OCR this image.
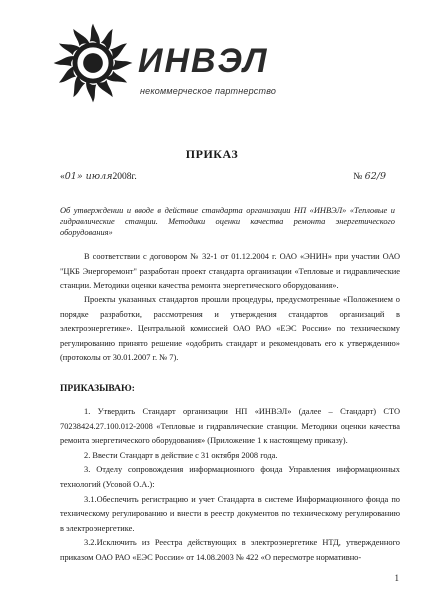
ИНВЭЛ
некоммерческое партнерство
ПРИКАЗ
«01» июля2008г.	№ 62/9
Об утверждении и вводе в действие стандарта организации НП «ИНВЭЛ» «Тепловые и гидравлические станции. Методики оценки качества ремонта энергетического оборудования»

В соответствии с договором № 32-1 от 01.12.2004 г. ОАО «ЭНИН» при участии ОАО "ЦКБ Энергоремонт" разработан проект стандарта организации «Тепловые и гидравлические станции. Методики оценки качества ремонта энергетического оборудования».

Проекты указанных стандартов прошли процедуры, предусмотренные «Положением о порядке разработки, рассмотрения и утверждения стандартов организаций в электроэнергетике». Центральной комиссией ОАО РАО «ЕЭС России» по техническому регулированию принято решение «одобрить стандарт и рекомендовать его к утверждению» (протоколы от 30.01.2007 г. № 7).

ПРИКАЗЫВАЮ:

1. Утвердить Стандарт организации НП «ИНВЭЛ» (далее – Стандарт) СТО 70238424.27.100.012-2008 «Тепловые и гидравлические станции. Методики оценки качества ремонта энергетического оборудования» (Приложение 1 к настоящему приказу).

2. Ввести Стандарт в действие с 31 октября 2008 года.

3. Отделу сопровождения информационного фонда Управления информационных технологий (Усовой О.А.):

3.1.Обеспечить регистрацию и учет Стандарта в системе Информационного фонда по техническому регулированию и внести в реестр документов по техническому регулированию в электроэнергетике.

3.2.Исключить из Реестра действующих в электроэнергетике НТД, утвержденного приказом ОАО РАО «ЕЭС России» от 14.08.2003 № 422 «О пересмотре нормативно-

1
